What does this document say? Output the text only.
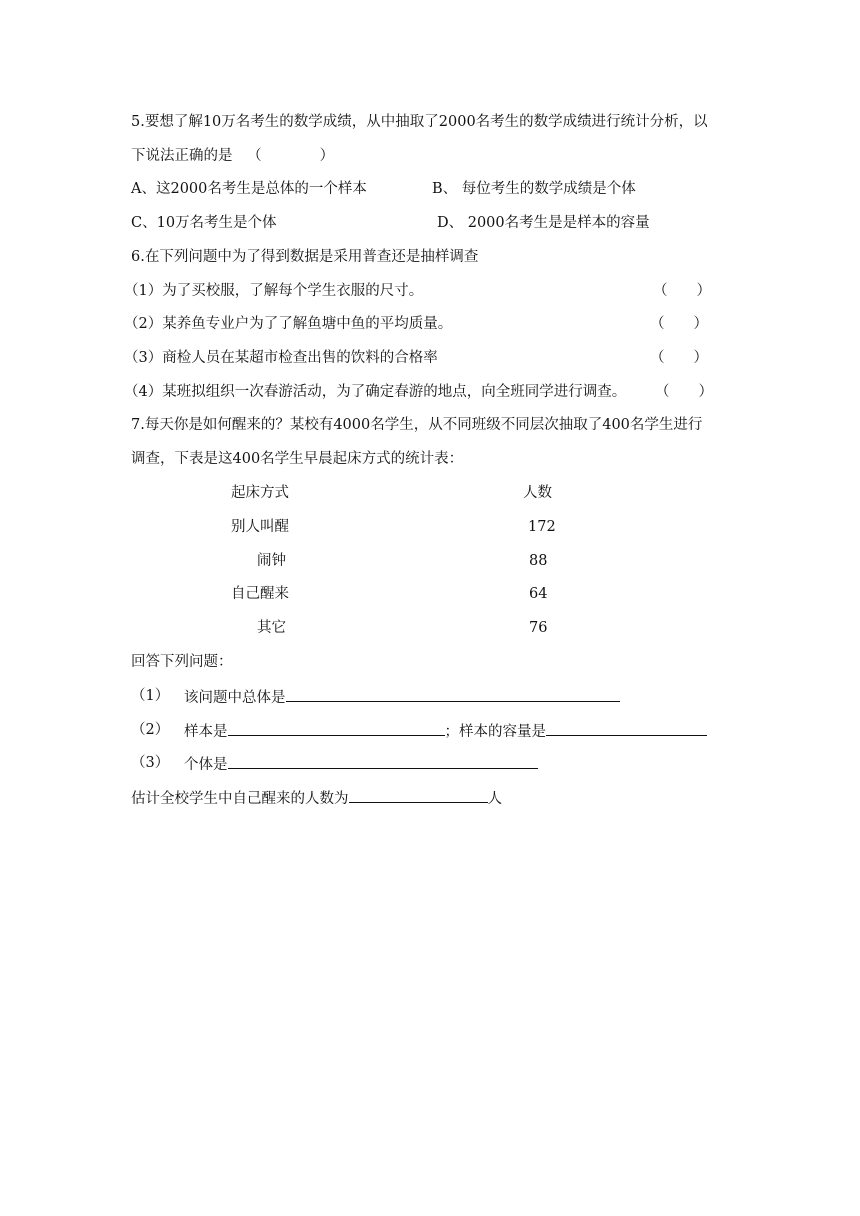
5.要想了解10万名考生的数学成绩，从中抽取了2000名考生的数学成绩进行统计分析，以
下说法正确的是 （　　　　）
A、这2000名考生是总体的一个样本	B、 每位考生的数学成绩是个体
C、10万名考生是个体	D、 2000名考生是是样本的容量
6.在下列问题中为了得到数据是采用普查还是抽样调查
（1）为了买校服，了解每个学生衣服的尺寸。	（　　）
（2）某养鱼专业户为了了解鱼塘中鱼的平均质量。	（　　）
（3）商检人员在某超市检查出售的饮料的合格率	（　　）
（4）某班拟组织一次春游活动，为了确定春游的地点，向全班同学进行调查。 （　　）
7.每天你是如何醒来的？某校有4000名学生，从不同班级不同层次抽取了400名学生进行
调查，下表是这400名学生早晨起床方式的统计表：
起床方式	人数
别人叫醒	172
闹钟	88
自己醒来	64
其它	76
回答下列问题：
（1） 该问题中总体是
（2） 样本是	；样本的容量是
（3） 个体是
估计全校学生中自己醒来的人数为	人
